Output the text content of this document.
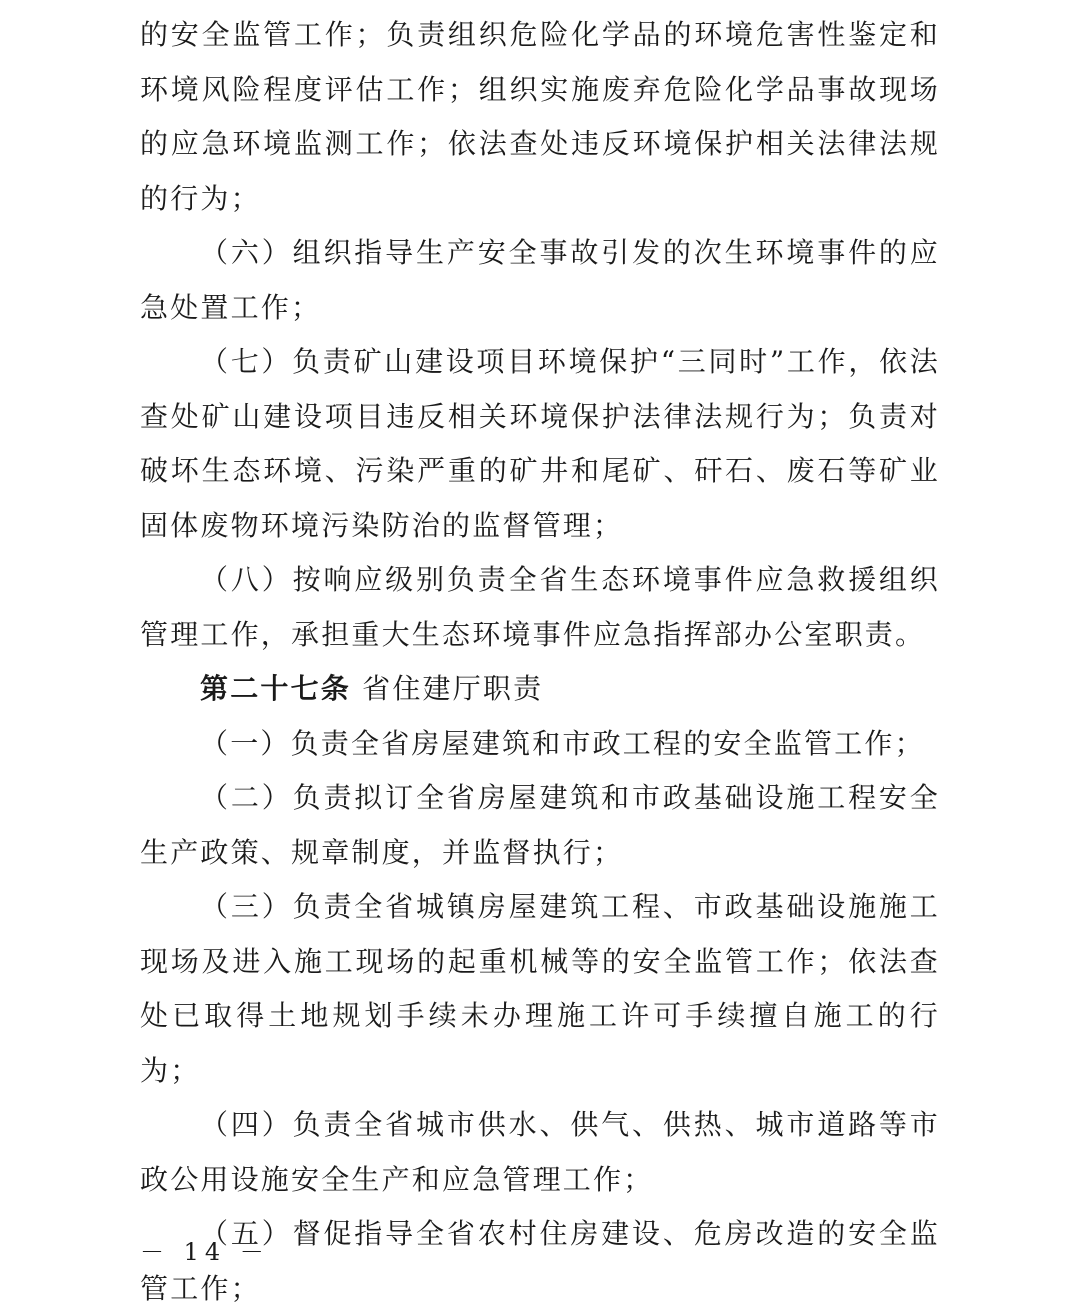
的安全监管工作；负责组织危险化学品的环境危害性鉴定和环境风险程度评估工作；组织实施废弃危险化学品事故现场的应急环境监测工作；依法查处违反环境保护相关法律法规的行为；

（六）组织指导生产安全事故引发的次生环境事件的应急处置工作；

（七）负责矿山建设项目环境保护“三同时”工作，依法查处矿山建设项目违反相关环境保护法律法规行为；负责对破坏生态环境、污染严重的矿井和尾矿、矸石、废石等矿业固体废物环境污染防治的监督管理；

（八）按响应级别负责全省生态环境事件应急救援组织管理工作，承担重大生态环境事件应急指挥部办公室职责。

第二十七条 省住建厅职责

（一）负责全省房屋建筑和市政工程的安全监管工作；

（二）负责拟订全省房屋建筑和市政基础设施工程安全生产政策、规章制度，并监督执行；

（三）负责全省城镇房屋建筑工程、市政基础设施施工现场及进入施工现场的起重机械等的安全监管工作；依法查处已取得土地规划手续未办理施工许可手续擅自施工的行为；

（四）负责全省城市供水、供气、供热、城市道路等市政公用设施安全生产和应急管理工作；

（五）督促指导全省农村住房建设、危房改造的安全监管工作；

－ 14 －
